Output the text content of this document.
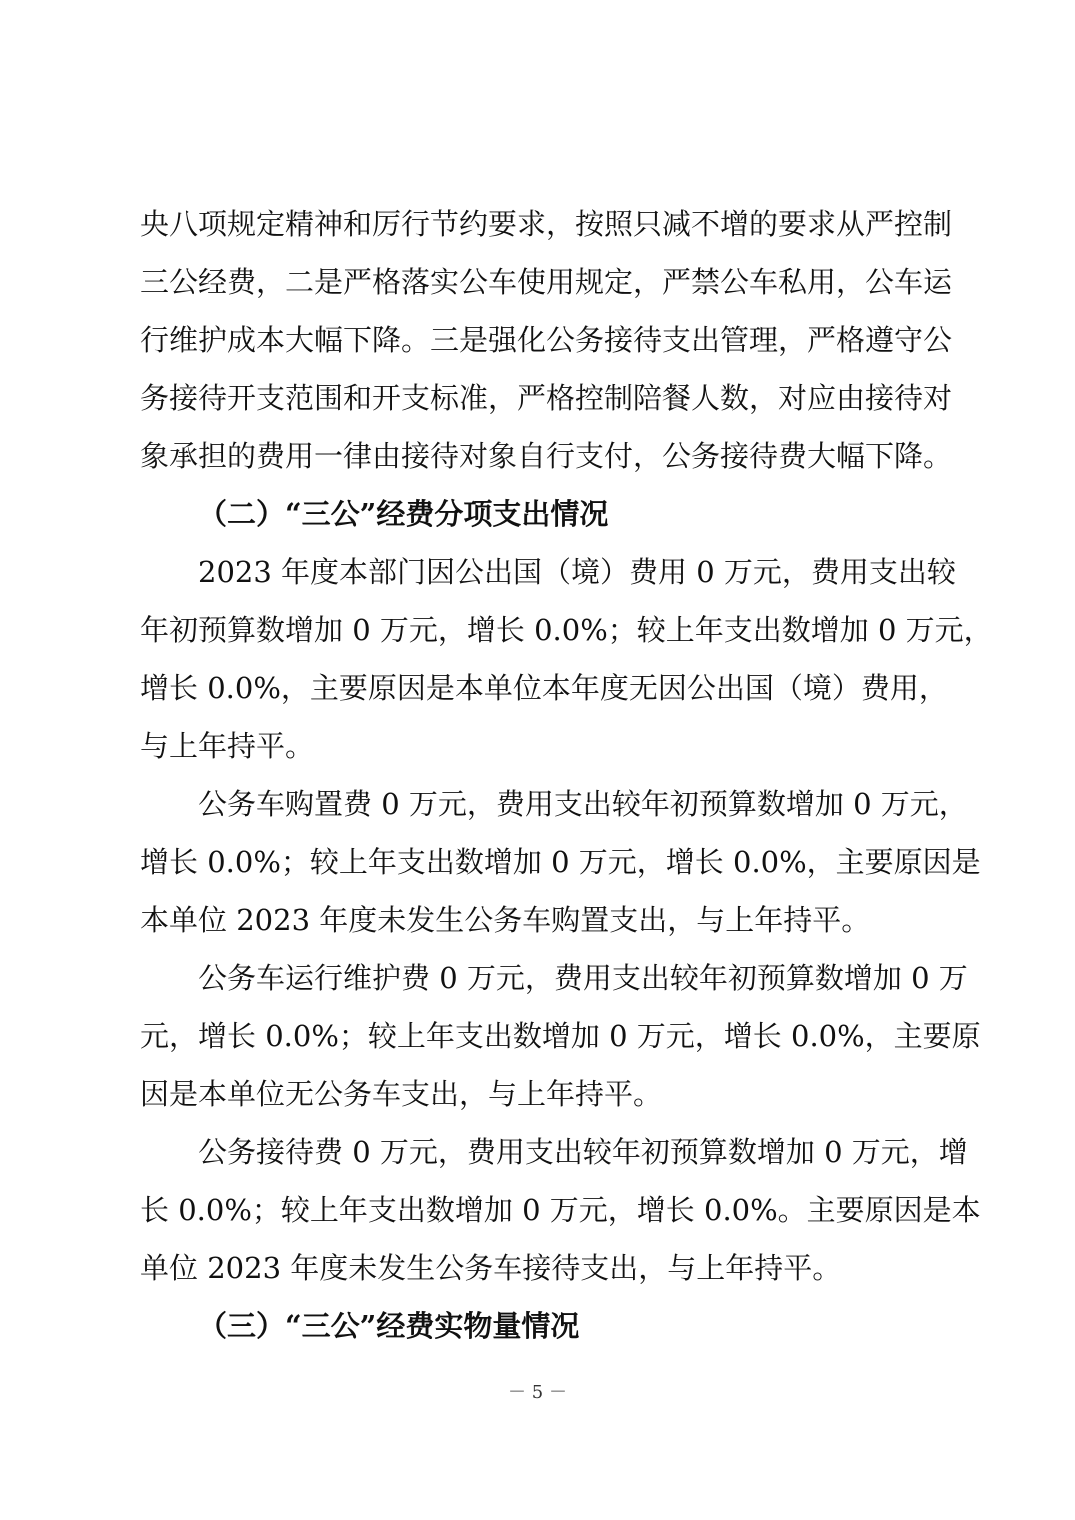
央八项规定精神和厉行节约要求，按照只减不增的要求从严控制
三公经费，二是严格落实公车使用规定，严禁公车私用，公车运
行维护成本大幅下降。三是强化公务接待支出管理，严格遵守公
务接待开支范围和开支标准，严格控制陪餐人数，对应由接待对
象承担的费用一律由接待对象自行支付，公务接待费大幅下降。
（二）“三公”经费分项支出情况
2023 年度本部门因公出国（境）费用 0 万元，费用支出较
年初预算数增加 0 万元，增长 0.0%；较上年支出数增加 0 万元，
增长 0.0%，主要原因是本单位本年度无因公出国（境）费用，
与上年持平。
公务车购置费 0 万元，费用支出较年初预算数增加 0 万元，
增长 0.0%；较上年支出数增加 0 万元，增长 0.0%，主要原因是
本单位 2023 年度未发生公务车购置支出，与上年持平。
公务车运行维护费 0 万元，费用支出较年初预算数增加 0 万
元，增长 0.0%；较上年支出数增加 0 万元，增长 0.0%，主要原
因是本单位无公务车支出，与上年持平。
公务接待费 0 万元，费用支出较年初预算数增加 0 万元，增
长 0.0%；较上年支出数增加 0 万元，增长 0.0%。主要原因是本
单位 2023 年度未发生公务车接待支出，与上年持平。
（三）“三公”经费实物量情况
－ 5 －
